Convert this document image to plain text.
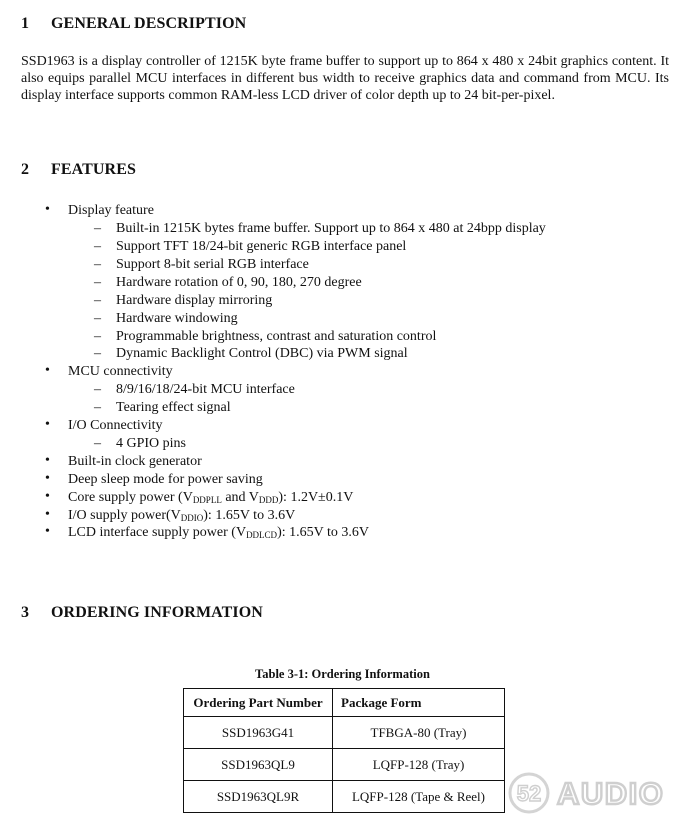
1 GENERAL DESCRIPTION

SSD1963 is a display controller of 1215K byte frame buffer to support up to 864 x 480 x 24bit graphics content. It also equips parallel MCU interfaces in different bus width to receive graphics data and command from MCU. Its display interface supports common RAM-less LCD driver of color depth up to 24 bit-per-pixel.

2 FEATURES
• Display feature
– Built-in 1215K bytes frame buffer. Support up to 864 x 480 at 24bpp display
– Support TFT 18/24-bit generic RGB interface panel
– Support 8-bit serial RGB interface
– Hardware rotation of 0, 90, 180, 270 degree
– Hardware display mirroring
– Hardware windowing
– Programmable brightness, contrast and saturation control
– Dynamic Backlight Control (DBC) via PWM signal
• MCU connectivity
– 8/9/16/18/24-bit MCU interface
– Tearing effect signal
• I/O Connectivity
– 4 GPIO pins
• Built-in clock generator
• Deep sleep mode for power saving
• Core supply power ($V_{DDPLL}$ and $V_{DDD}$): 1.2V±0.1V
• I/O supply $power(V_{DDIO})$: 1.65V to 3.6V
• LCD interface supply power $(V_{DDLCD})$: 1.65V to 3.6V
3 ORDERING INFORMATION
Table 3-1: Ordering Information
Ordering Part Number	Package Form
SSD1963G41	TFBGA-80 (Tray)
SSD1963QL9	LQFP-128 (Tray)
SSD1963QL9R	LQFP-128 (Tape & Reel) 52 AUDIO
